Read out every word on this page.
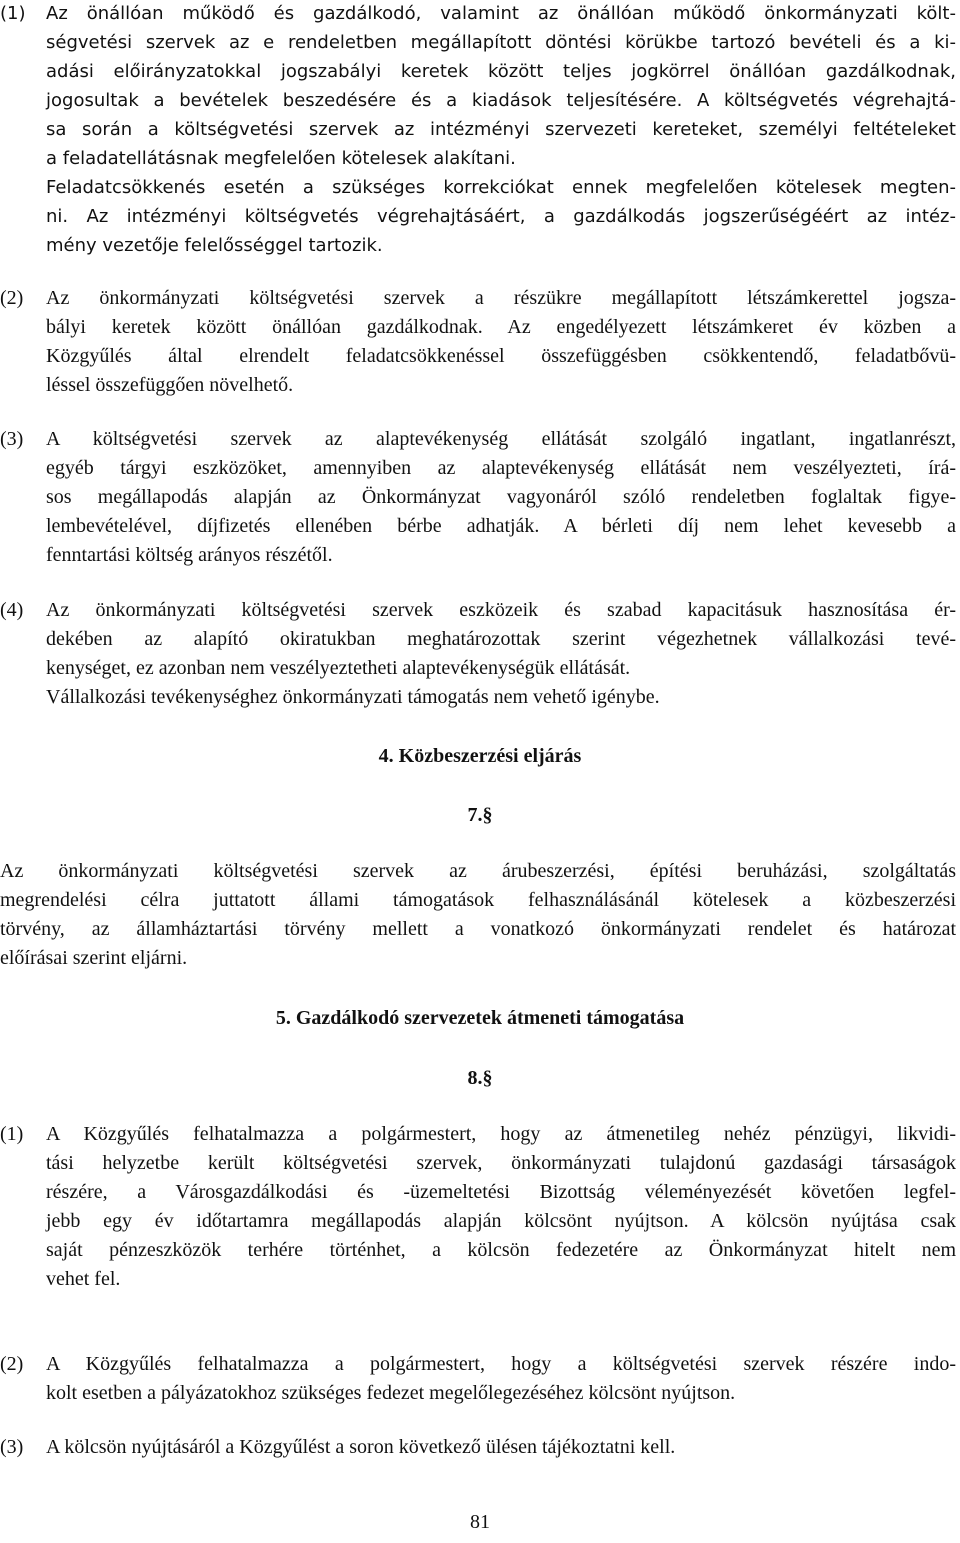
(1) Az önállóan működő és gazdálkodó, valamint az önállóan működő önkormányzati költ-
ségvetési szervek az e rendeletben megállapított döntési körükbe tartozó bevételi és a ki-
adási előirányzatokkal jogszabályi keretek között teljes jogkörrel önállóan gazdálkodnak,
jogosultak a bevételek beszedésére és a kiadások teljesítésére. A költségvetés végrehajtá-
sa során a költségvetési szervek az intézményi szervezeti kereteket, személyi feltételeket
a feladatellátásnak megfelelően kötelesek alakítani.
Feladatcsökkenés esetén a szükséges korrekciókat ennek megfelelően kötelesek megten-
ni. Az intézményi költségvetés végrehajtásáért, a gazdálkodás jogszerűségéért az intéz-
mény vezetője felelősséggel tartozik.
(2) Az önkormányzati költségvetési szervek a részükre megállapított létszámkerettel jogsza-
bályi keretek között önállóan gazdálkodnak. Az engedélyezett létszámkeret év közben a
Közgyűlés által elrendelt feladatcsökkenéssel összefüggésben csökkentendő, feladatbővü-
léssel összefüggően növelhető.
(3) A költségvetési szervek az alaptevékenység ellátását szolgáló ingatlant, ingatlanrészt,
egyéb tárgyi eszközöket, amennyiben az alaptevékenység ellátását nem veszélyezteti, írá-
sos megállapodás alapján az Önkormányzat vagyonáról szóló rendeletben foglaltak figye-
lembevételével, díjfizetés ellenében bérbe adhatják. A bérleti díj nem lehet kevesebb a
fenntartási költség arányos részétől.
(4) Az önkormányzati költségvetési szervek eszközeik és szabad kapacitásuk hasznosítása ér-
dekében az alapító okiratukban meghatározottak szerint végezhetnek vállalkozási tevé-
kenységet, ez azonban nem veszélyeztetheti alaptevékenységük ellátását.
Vállalkozási tevékenységhez önkormányzati támogatás nem vehető igénybe.
4. Közbeszerzési eljárás
7.§
Az önkormányzati költségvetési szervek az árubeszerzési, építési beruházási, szolgáltatás
megrendelési célra juttatott állami támogatások felhasználásánál kötelesek a közbeszerzési
törvény, az államháztartási törvény mellett a vonatkozó önkormányzati rendelet és határozat
előírásai szerint eljárni.
5. Gazdálkodó szervezetek átmeneti támogatása
8.§
(1) A Közgyűlés felhatalmazza a polgármestert, hogy az átmenetileg nehéz pénzügyi, likvidi-
tási helyzetbe került költségvetési szervek, önkormányzati tulajdonú gazdasági társaságok
részére, a Városgazdálkodási és -üzemeltetési Bizottság véleményezését követően legfel-
jebb egy év időtartamra megállapodás alapján kölcsönt nyújtson. A kölcsön nyújtása csak
saját pénzeszközök terhére történhet, a kölcsön fedezetére az Önkormányzat hitelt nem
vehet fel.
(2) A Közgyűlés felhatalmazza a polgármestert, hogy a költségvetési szervek részére indo-
kolt esetben a pályázatokhoz szükséges fedezet megelőlegezéséhez kölcsönt nyújtson.
(3) A kölcsön nyújtásáról a Közgyűlést a soron következő ülésen tájékoztatni kell.
81
